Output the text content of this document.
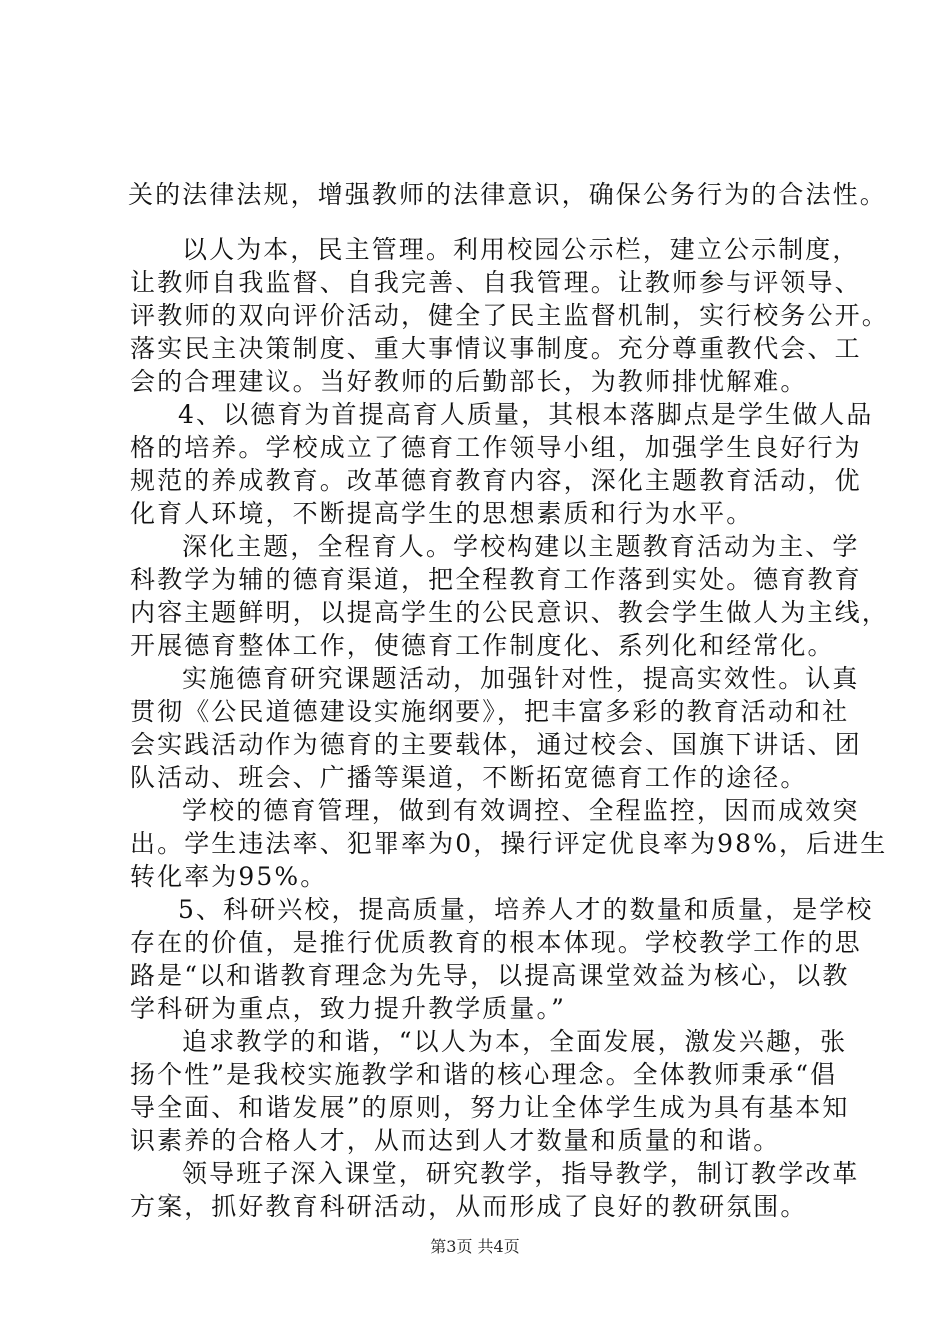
关的法律法规，增强教师的法律意识，确保公务行为的合法性。
以人为本，民主管理。利用校园公示栏，建立公示制度，
让教师自我监督、自我完善、自我管理。让教师参与评领导、
评教师的双向评价活动，健全了民主监督机制，实行校务公开。
落实民主决策制度、重大事情议事制度。充分尊重教代会、工
会的合理建议。当好教师的后勤部长，为教师排忧解难。
4、以德育为首提高育人质量，其根本落脚点是学生做人品
格的培养。学校成立了德育工作领导小组，加强学生良好行为
规范的养成教育。改革德育教育内容，深化主题教育活动，优
化育人环境，不断提高学生的思想素质和行为水平。
深化主题，全程育人。学校构建以主题教育活动为主、学
科教学为辅的德育渠道，把全程教育工作落到实处。德育教育
内容主题鲜明，以提高学生的公民意识、教会学生做人为主线，
开展德育整体工作，使德育工作制度化、系列化和经常化。
实施德育研究课题活动，加强针对性，提高实效性。认真
贯彻《公民道德建设实施纲要》，把丰富多彩的教育活动和社
会实践活动作为德育的主要载体，通过校会、国旗下讲话、团
队活动、班会、广播等渠道，不断拓宽德育工作的途径。
学校的德育管理，做到有效调控、全程监控，因而成效突
出。学生违法率、犯罪率为0，操行评定优良率为98%，后进生
转化率为95%。
5、科研兴校，提高质量，培养人才的数量和质量，是学校
存在的价值，是推行优质教育的根本体现。学校教学工作的思
路是“以和谐教育理念为先导，以提高课堂效益为核心，以教
学科研为重点，致力提升教学质量。”
追求教学的和谐，“以人为本，全面发展，激发兴趣，张
扬个性”是我校实施教学和谐的核心理念。全体教师秉承“倡
导全面、和谐发展”的原则，努力让全体学生成为具有基本知
识素养的合格人才，从而达到人才数量和质量的和谐。
领导班子深入课堂，研究教学，指导教学，制订教学改革
方案，抓好教育科研活动，从而形成了良好的教研氛围。
第3页 共4页
